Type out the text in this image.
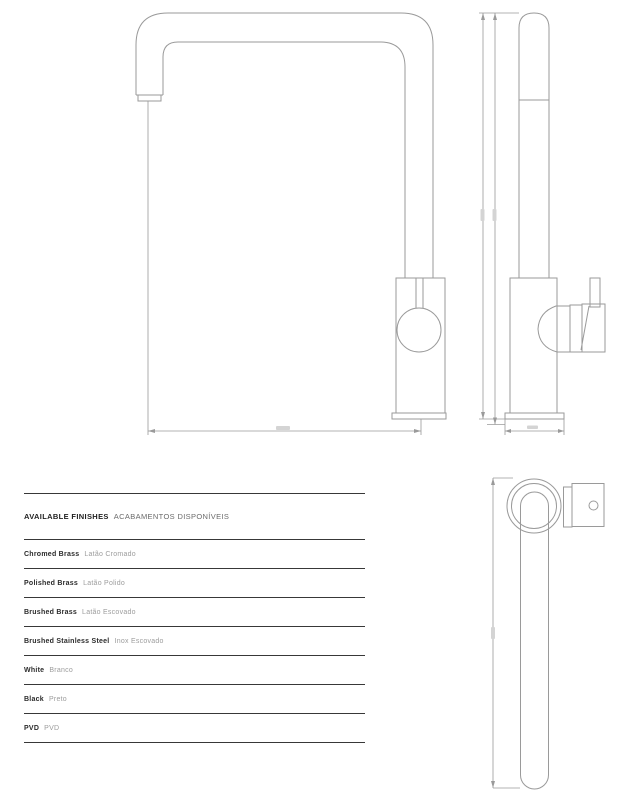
AVAILABLE FINISHES ACABAMENTOS DISPONÍVEIS
Chromed Brass Latão Cromado
Polished Brass Latão Polido
Brushed Brass Latão Escovado
Brushed Stainless Steel Inox Escovado
White Branco
Black Preto
PVD PVD
